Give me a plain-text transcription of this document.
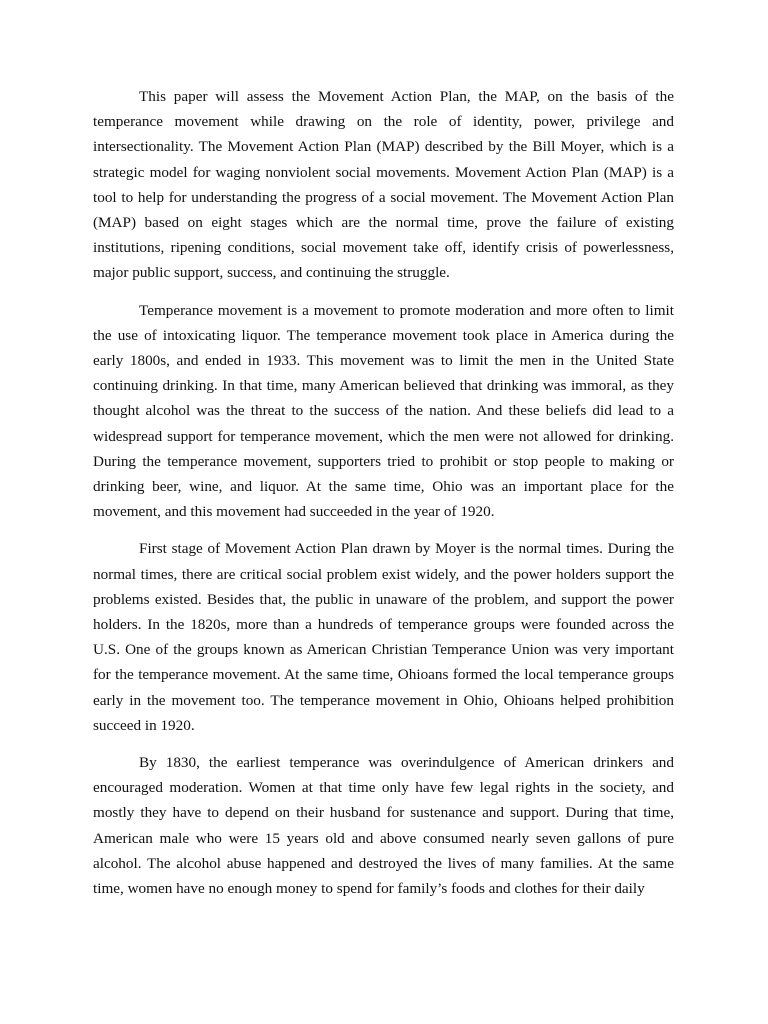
This paper will assess the Movement Action Plan, the MAP, on the basis of the temperance movement while drawing on the role of identity, power, privilege and intersectionality. The Movement Action Plan (MAP) described by the Bill Moyer, which is a strategic model for waging nonviolent social movements. Movement Action Plan (MAP) is a tool to help for understanding the progress of a social movement. The Movement Action Plan (MAP) based on eight stages which are the normal time, prove the failure of existing institutions, ripening conditions, social movement take off, identify crisis of powerlessness, major public support, success, and continuing the struggle.

Temperance movement is a movement to promote moderation and more often to limit the use of intoxicating liquor. The temperance movement took place in America during the early 1800s, and ended in 1933. This movement was to limit the men in the United State continuing drinking. In that time, many American believed that drinking was immoral, as they thought alcohol was the threat to the success of the nation. And these beliefs did lead to a widespread support for temperance movement, which the men were not allowed for drinking. During the temperance movement, supporters tried to prohibit or stop people to making or drinking beer, wine, and liquor. At the same time, Ohio was an important place for the movement, and this movement had succeeded in the year of 1920.

First stage of Movement Action Plan drawn by Moyer is the normal times. During the normal times, there are critical social problem exist widely, and the power holders support the problems existed. Besides that, the public in unaware of the problem, and support the power holders. In the 1820s, more than a hundreds of temperance groups were founded across the U.S. One of the groups known as American Christian Temperance Union was very important for the temperance movement. At the same time, Ohioans formed the local temperance groups early in the movement too. The temperance movement in Ohio, Ohioans helped prohibition succeed in 1920.

By 1830, the earliest temperance was overindulgence of American drinkers and encouraged moderation. Women at that time only have few legal rights in the society, and mostly they have to depend on their husband for sustenance and support. During that time, American male who were 15 years old and above consumed nearly seven gallons of pure alcohol. The alcohol abuse happened and destroyed the lives of many families. At the same time, women have no enough money to spend for family’s foods and clothes for their daily
